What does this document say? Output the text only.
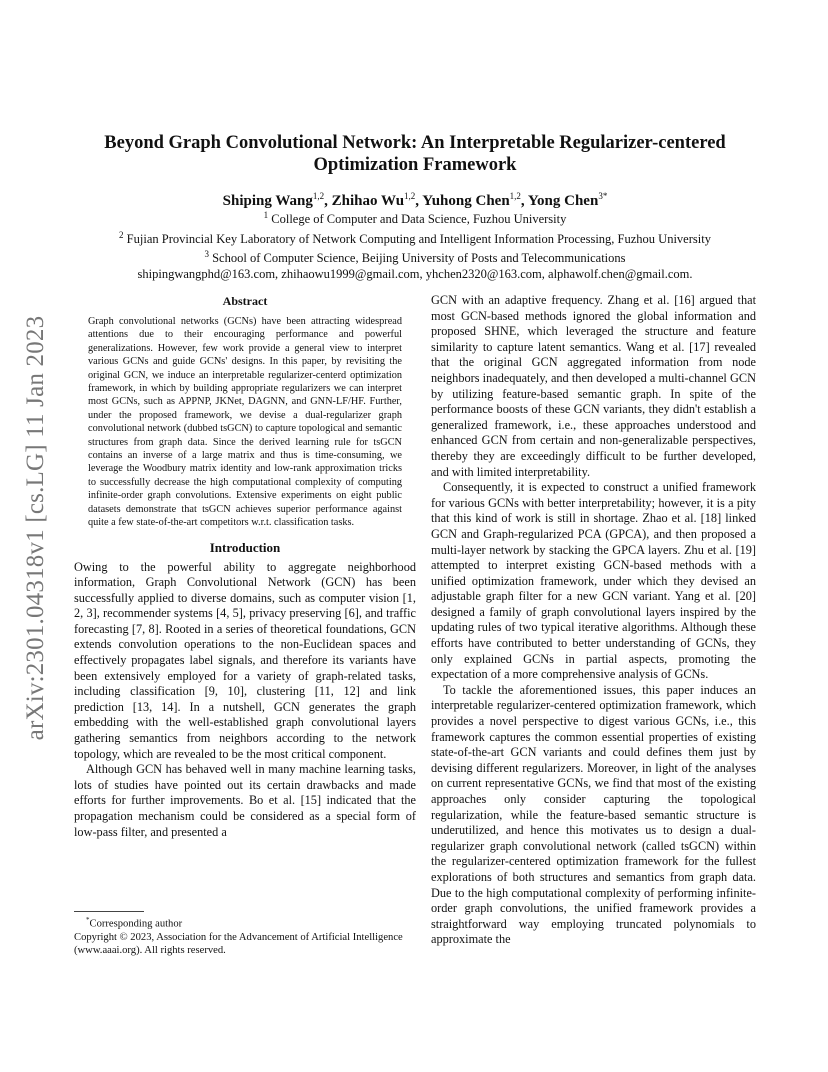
arXiv:2301.04318v1 [cs.LG] 11 Jan 2023
Beyond Graph Convolutional Network: An Interpretable Regularizer-centered
Optimization Framework
Shiping Wang$^{1,2}$, Zhihao Wu$^{1,2}$, Yuhong Chen$^{1,2}$, Yong Chen$^{3*}$
$^1$ College of Computer and Data Science, Fuzhou University
$^2$ Fujian Provincial Key Laboratory of Network Computing and Intelligent Information Processing, Fuzhou University
$^3$ School of Computer Science, Beijing University of Posts and Telecommunications
shipingwangphd@163.com, zhihaowu1999@gmail.com, yhchen2320@163.com, alphawolf.chen@gmail.com.
Abstract

Graph convolutional networks (GCNs) have been attracting widespread attentions due to their encouraging performance and powerful generalizations. However, few work provide a general view to interpret various GCNs and guide GCNs' designs. In this paper, by revisiting the original GCN, we induce an interpretable regularizer-centerd optimization framework, in which by building appropriate regularizers we can interpret most GCNs, such as APPNP, JKNet, DAGNN, and GNN-LF/HF. Further, under the proposed framework, we devise a dual-regularizer graph convolutional network (dubbed tsGCN) to capture topological and semantic structures from graph data. Since the derived learning rule for tsGCN contains an inverse of a large matrix and thus is time-consuming, we leverage the Woodbury matrix identity and low-rank approximation tricks to successfully decrease the high computational complexity of computing infinite-order graph convolutions. Extensive experiments on eight public datasets demonstrate that tsGCN achieves superior performance against quite a few state-of-the-art competitors w.r.t. classification tasks.

Introduction

Owing to the powerful ability to aggregate neighborhood information, Graph Convolutional Network (GCN) has been successfully applied to diverse domains, such as computer vision [1, 2, 3], recommender systems [4, 5], privacy preserving [6], and traffic forecasting [7, 8]. Rooted in a series of theoretical foundations, GCN extends convolution operations to the non-Euclidean spaces and effectively propagates label signals, and therefore its variants have been extensively employed for a variety of graph-related tasks, including classification [9, 10], clustering [11, 12] and link prediction [13, 14]. In a nutshell, GCN generates the graph embedding with the well-established graph convolutional layers gathering semantics from neighbors according to the network topology, which are revealed to be the most critical component.

Although GCN has behaved well in many machine learning tasks, lots of studies have pointed out its certain drawbacks and made efforts for further improvements. Bo et al. [15] indicated that the propagation mechanism could be considered as a special form of low-pass filter, and presented a

GCN with an adaptive frequency. Zhang et al. [16] argued that most GCN-based methods ignored the global information and proposed SHNE, which leveraged the structure and feature similarity to capture latent semantics. Wang et al. [17] revealed that the original GCN aggregated information from node neighbors inadequately, and then developed a multi-channel GCN by utilizing feature-based semantic graph. In spite of the performance boosts of these GCN variants, they didn't establish a generalized framework, i.e., these approaches understood and enhanced GCN from certain and non-generalizable perspectives, thereby they are exceedingly difficult to be further developed, and with limited interpretability.

Consequently, it is expected to construct a unified framework for various GCNs with better interpretability; however, it is a pity that this kind of work is still in shortage. Zhao et al. [18] linked GCN and Graph-regularized PCA (GPCA), and then proposed a multi-layer network by stacking the GPCA layers. Zhu et al. [19] attempted to interpret existing GCN-based methods with a unified optimization framework, under which they devised an adjustable graph filter for a new GCN variant. Yang et al. [20] designed a family of graph convolutional layers inspired by the updating rules of two typical iterative algorithms. Although these efforts have contributed to better understanding of GCNs, they only explained GCNs in partial aspects, promoting the expectation of a more comprehensive analysis of GCNs.

To tackle the aforementioned issues, this paper induces an interpretable regularizer-centered optimization framework, which provides a novel perspective to digest various GCNs, i.e., this framework captures the common essential properties of existing state-of-the-art GCN variants and could defines them just by devising different regularizers. Moreover, in light of the analyses on current representative GCNs, we find that most of the existing approaches only consider capturing the topological regularization, while the feature-based semantic structure is underutilized, and hence this motivates us to design a dual-regularizer graph convolutional network (called tsGCN) within the regularizer-centered optimization framework for the fullest explorations of both structures and semantics from graph data. Due to the high computational complexity of performing infinite-order graph convolutions, the unified framework provides a straightforward way employing truncated polynomials to approximate the

*Corresponding author
Copyright © 2023, Association for the Advancement of Artificial Intelligence (www.aaai.org). All rights reserved.
